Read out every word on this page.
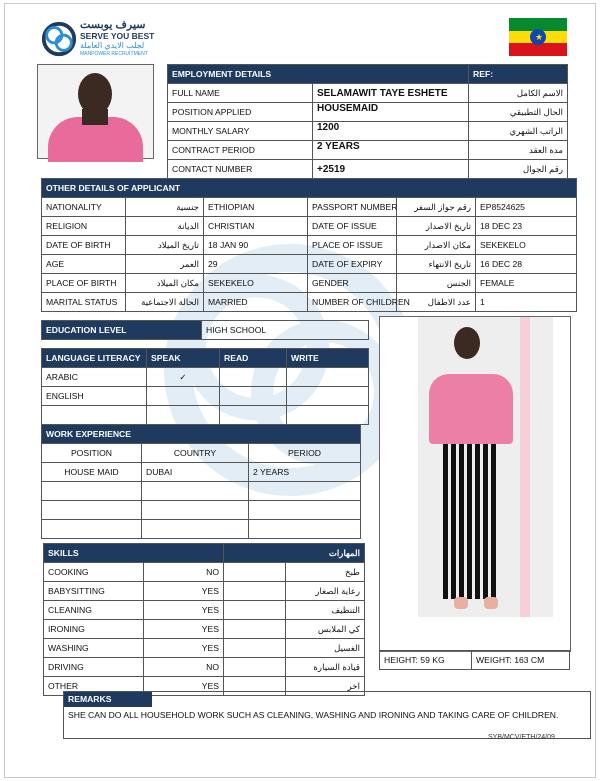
سيرف يوبست
SERVE YOU BEST
لجلب الايدي العاملة
MANPOWER RECRUITMENT
★
EMPLOYMENT DETAILS		REF:
FULL NAME	SELAMAWIT TAYE ESHETE	الاسم الكامل
POSITION APPLIED	HOUSEMAID	الحال التطبيقي
MONTHLY SALARY	1200	الراتب الشهري
CONTRACT PERIOD	2 YEARS	مدة العقد
CONTACT NUMBER	+2519	رقم الجوال
OTHER DETAILS OF APPLICANT					
NATIONALITY	جنسية	ETHIOPIAN	PASSPORT NUMBER	رقم جواز السفر	EP8524625
RELIGION	الديانة	CHRISTIAN	DATE OF ISSUE	تاريخ الاصدار	18 DEC 23
DATE OF BIRTH	تاريخ الميلاد	18 JAN 90	PLACE OF ISSUE	مكان الاصدار	SEKEKELO
AGE	العمر	29	DATE OF EXPIRY	تاريخ الانتهاء	16 DEC 28
PLACE OF BIRTH	مكان الميلاد	SEKEKELO	GENDER	الجنس	FEMALE
MARITAL STATUS	الحالة الاجتماعية	MARRIED	NUMBER OF CHILDREN	عدد الاطفال	1
EDUCATION LEVEL	HIGH SCHOOL
LANGUAGE LITERACY	SPEAK	READ	WRITE
ARABIC	✓		
ENGLISH			

WORK EXPERIENCE		
POSITION	COUNTRY	PERIOD
HOUSE MAID	DUBAI	2 YEARS

SKILLS		المهارات	
COOKING	NO		طبخ
BABYSITTING	YES		رعاية الصغار
CLEANING	YES		التنظيف
IRONING	YES		كي الملابس
WASHING	YES		الغسيل
DRIVING	NO		قيادة السيارة
OTHER	YES		اخر
HEIGHT: 59 KG	WEIGHT: 163 CM
REMARKS
SHE CAN DO ALL HOUSEHOLD WORK SUCH AS CLEANING, WASHING AND IRONING AND TAKING CARE OF CHILDREN.
SYB/MCV/ETH/24/09
